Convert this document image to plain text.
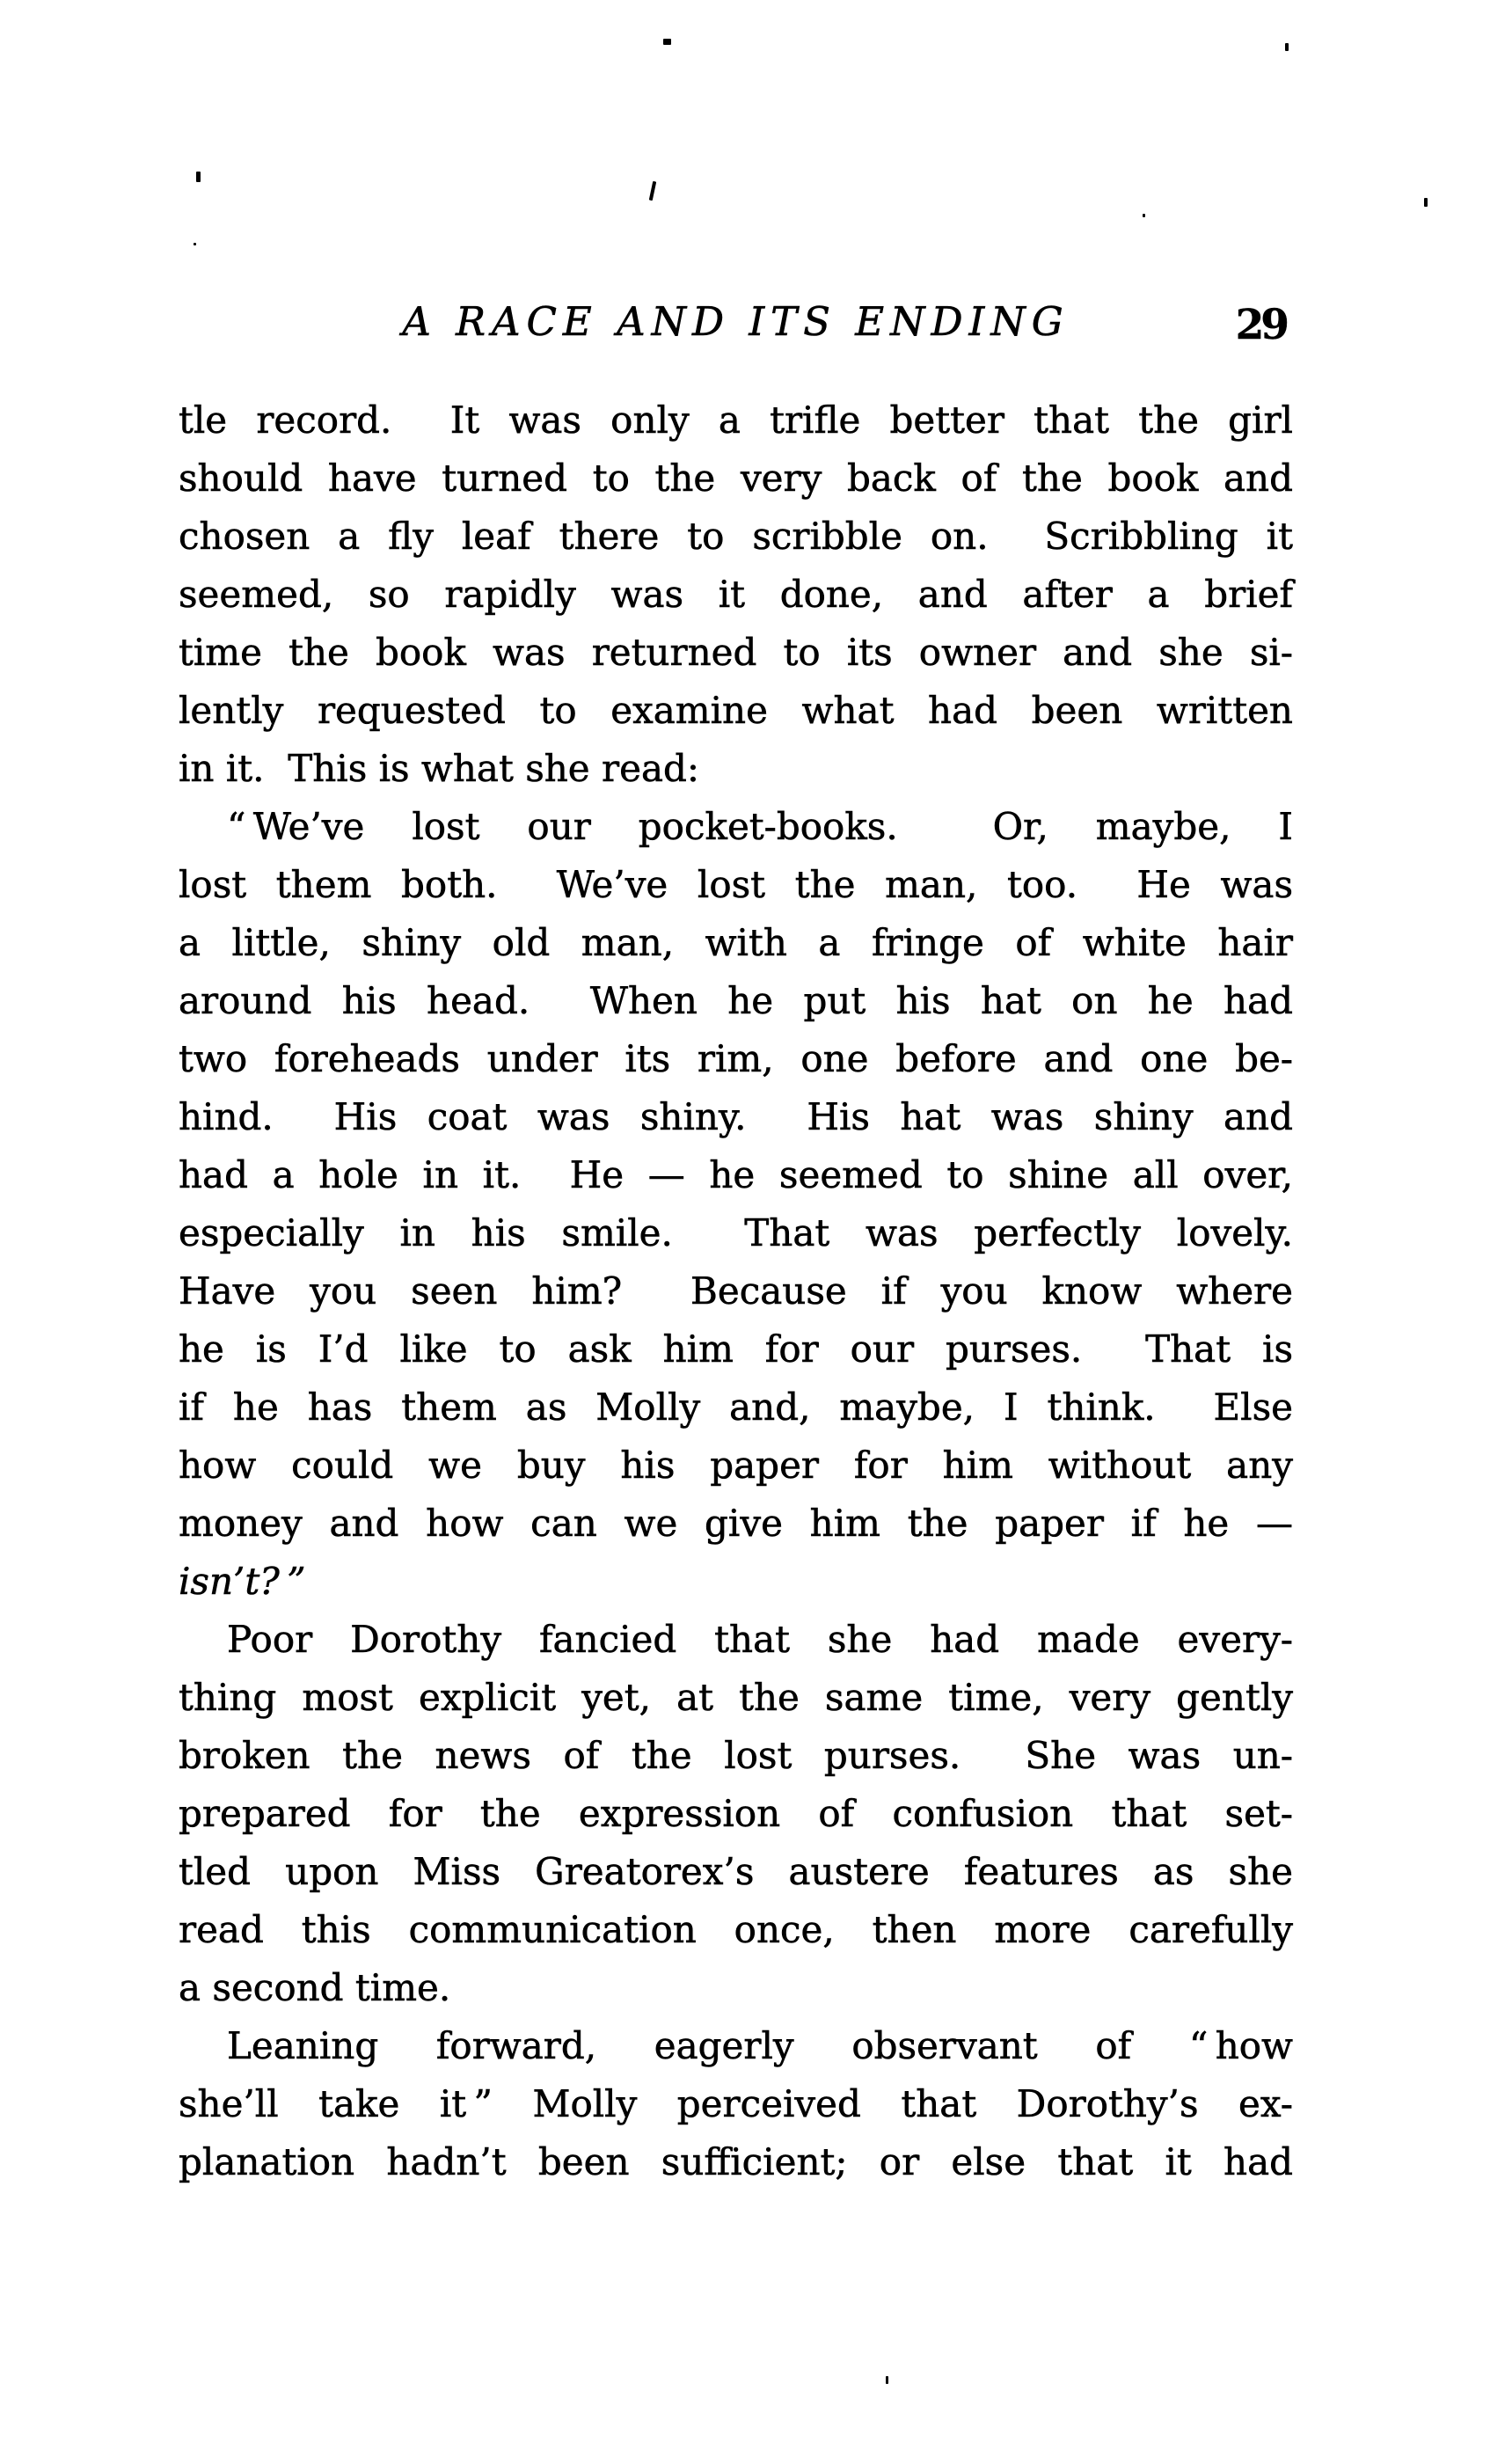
A RACE AND ITS ENDING	29
tle record.  It was only a trifle better that the girl
should have turned to the very back of the book and
chosen a fly leaf there to scribble on.  Scribbling it
seemed, so rapidly was it done, and after a brief
time the book was returned to its owner and she si-
lently requested to examine what had been written
in it.  This is what she read:
“ We’ve lost our pocket-books.  Or, maybe, I
lost them both.  We’ve lost the man, too.  He was
a little, shiny old man, with a fringe of white hair
around his head.  When he put his hat on he had
two foreheads under its rim, one before and one be-
hind.  His coat was shiny.  His hat was shiny and
had a hole in it.  He — he seemed to shine all over,
especially in his smile.  That was perfectly lovely.
Have you seen him?  Because if you know where
he is I’d like to ask him for our purses.  That is
if he has them as Molly and, maybe, I think.  Else
how could we buy his paper for him without any
money and how can we give him the paper if he —
isn’t? ”
Poor Dorothy fancied that she had made every-
thing most explicit yet, at the same time, very gently
broken the news of the lost purses.  She was un-
prepared for the expression of confusion that set-
tled upon Miss Greatorex’s austere features as she
read this communication once, then more carefully
a second time.
Leaning forward, eagerly observant of “ how
she’ll take it ” Molly perceived that Dorothy’s ex-
planation hadn’t been sufficient; or else that it had
